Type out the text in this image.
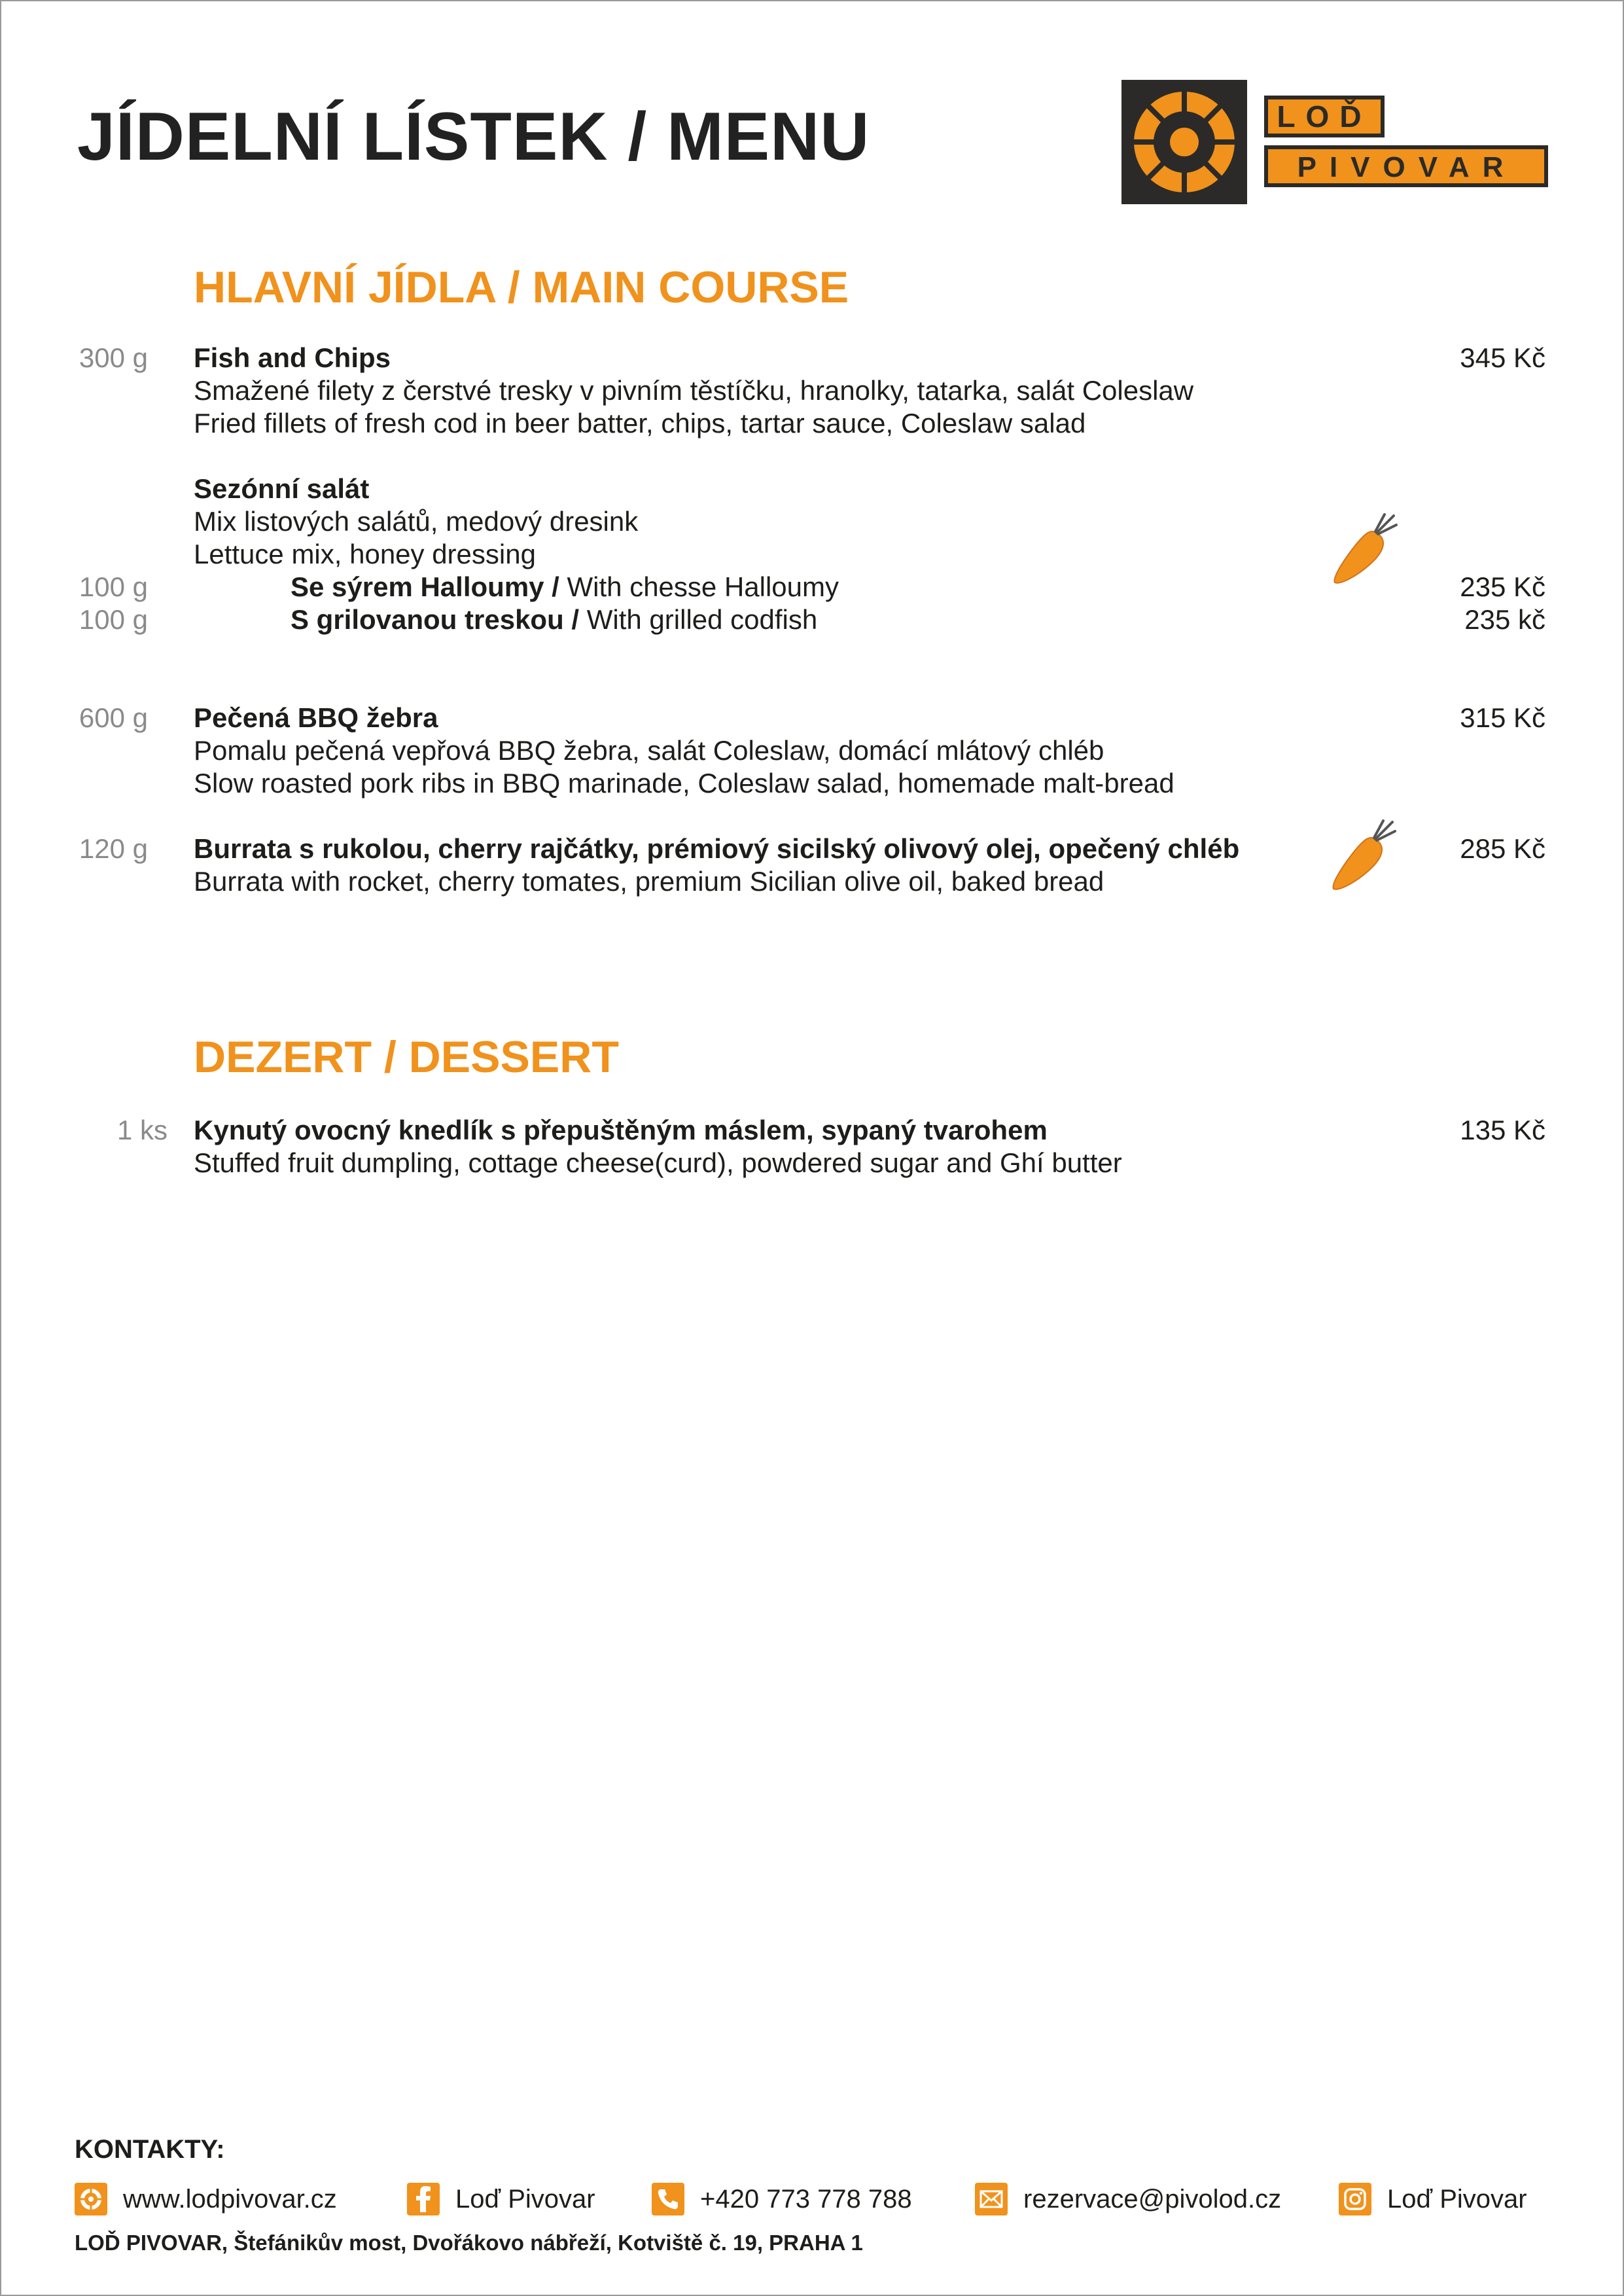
JÍDELNÍ LÍSTEK / MENU	LOĎ
PIVOVAR
HLAVNÍ JÍDLA / MAIN COURSE
300 g Fish and Chips	345 Kč
Smažené filety z čerstvé tresky v pivním těstíčku, hranolky, tatarka, salát Coleslaw
Fried fillets of fresh cod in beer batter, chips, tartar sauce, Coleslaw salad
Sezónní salát
Mix listových salátů, medový dresink
Lettuce mix, honey dressing
100 g	Se sýrem Halloumy / With chesse Halloumy	235 Kč
100 g	S grilovanou treskou / With grilled codfish	235 kč
600 g Pečená BBQ žebra	315 Kč
Pomalu pečená vepřová BBQ žebra, salát Coleslaw, domácí mlátový chléb
Slow roasted pork ribs in BBQ marinade, Coleslaw salad, homemade malt-bread
120 g Burrata s rukolou, cherry rajčátky, prémiový sicilský olivový olej, opečený chléb	285 Kč
Burrata with rocket, cherry tomates, premium Sicilian olive oil, baked bread
DEZERT / DESSERT
1 ks Kynutý ovocný knedlík s přepuštěným máslem, sypaný tvarohem	135 Kč
Stuffed fruit dumpling, cottage cheese(curd), powdered sugar and Ghí butter
KONTAKTY:
www.lodpivovar.cz	Loď Pivovar	+420 773 778 788	rezervace@pivolod.cz	Loď Pivovar
LOĎ PIVOVAR, Štefánikův most, Dvořákovo nábřeží, Kotviště č. 19, PRAHA 1
